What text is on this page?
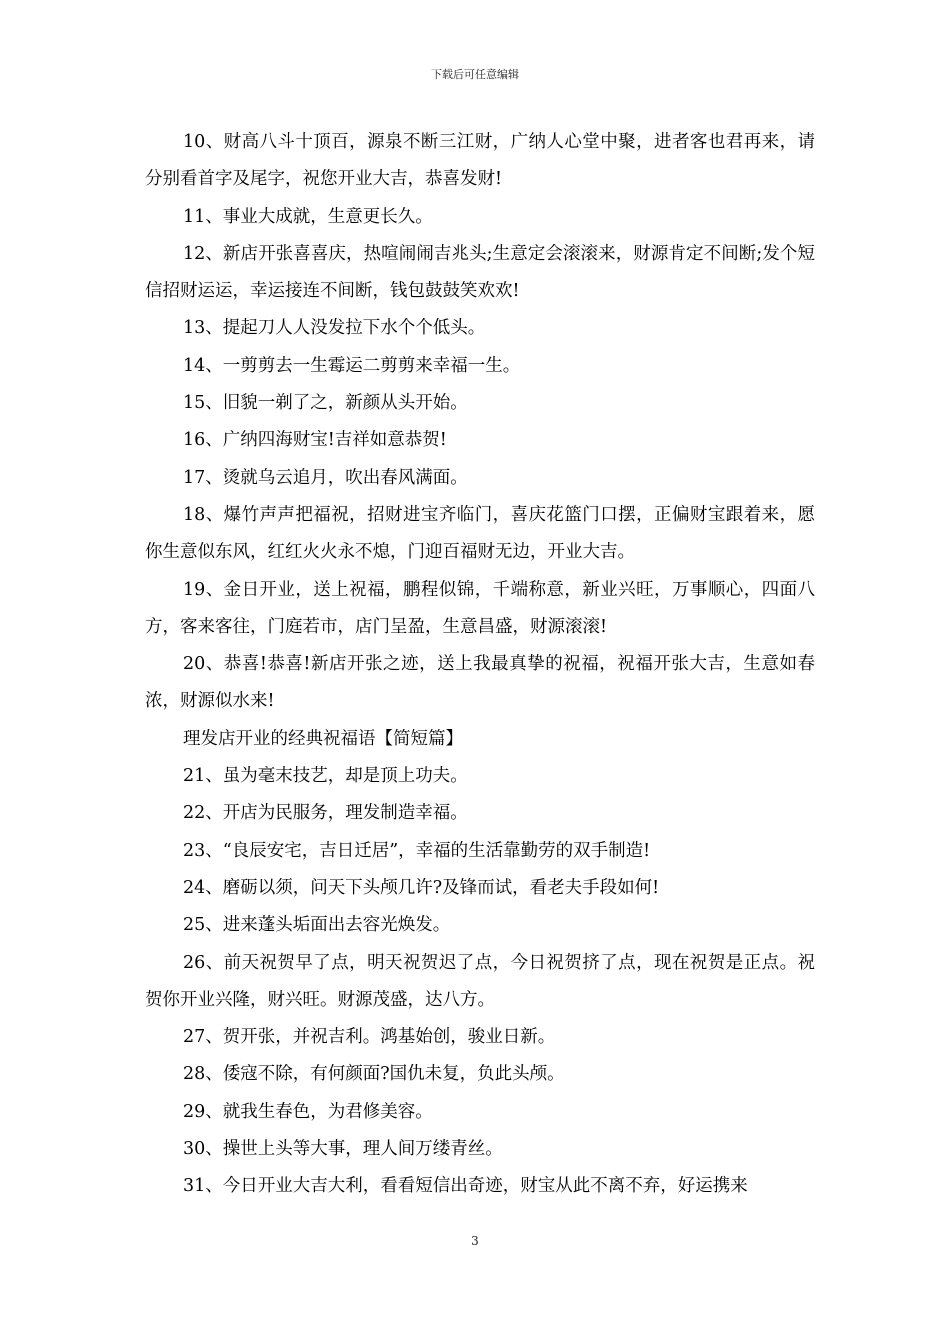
下载后可任意编辑

10、财高八斗十顶百，源泉不断三江财，广纳人心堂中聚，进者客也君再来，请分别看首字及尾字，祝您开业大吉，恭喜发财!

11、事业大成就，生意更长久。

12、新店开张喜喜庆，热喧闹闹吉兆头;生意定会滚滚来，财源肯定不间断;发个短信招财运运，幸运接连不间断，钱包鼓鼓笑欢欢!

13、提起刀人人没发拉下水个个低头。

14、一剪剪去一生霉运二剪剪来幸福一生。

15、旧貌一剃了之，新颜从头开始。

16、广纳四海财宝!吉祥如意恭贺!

17、烫就乌云追月，吹出春风满面。

18、爆竹声声把福祝，招财进宝齐临门，喜庆花篮门口摆，正偏财宝跟着来，愿你生意似东风，红红火火永不熄，门迎百福财无边，开业大吉。

19、金日开业，送上祝福，鹏程似锦，千端称意，新业兴旺，万事顺心，四面八方，客来客往，门庭若市，店门呈盈，生意昌盛，财源滚滚!

20、恭喜!恭喜!新店开张之迹，送上我最真挚的祝福，祝福开张大吉，生意如春浓，财源似水来!

理发店开业的经典祝福语【简短篇】

21、虽为毫末技艺，却是顶上功夫。

22、开店为民服务，理发制造幸福。

23、“良辰安宅，吉日迁居”，幸福的生活靠勤劳的双手制造!

24、磨砺以须，问天下头颅几许?及锋而试，看老夫手段如何!

25、进来蓬头垢面出去容光焕发。

26、前天祝贺早了点，明天祝贺迟了点，今日祝贺挤了点，现在祝贺是正点。祝贺你开业兴隆，财兴旺。财源茂盛，达八方。

27、贺开张，并祝吉利。鸿基始创，骏业日新。

28、倭寇不除，有何颜面?国仇未复，负此头颅。

29、就我生春色，为君修美容。

30、操世上头等大事，理人间万缕青丝。

31、今日开业大吉大利，看看短信出奇迹，财宝从此不离不弃，好运携来

3
